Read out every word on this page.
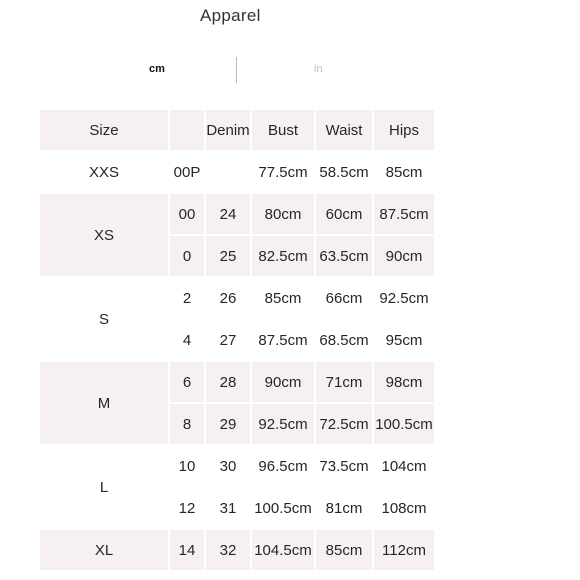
Apparel
cm	in
Size		Denim	Bust	Waist	Hips
XXS	00P		77.5cm	58.5cm	85cm
XS	00	24	80cm	60cm	87.5cm
	0	25	82.5cm	63.5cm	90cm
S	2	26	85cm	66cm	92.5cm
	4	27	87.5cm	68.5cm	95cm
M	6	28	90cm	71cm	98cm
	8	29	92.5cm	72.5cm	100.5cm
L	10	30	96.5cm	73.5cm	104cm
	12	31	100.5cm	81cm	108cm
XL	14	32	104.5cm	85cm	112cm
